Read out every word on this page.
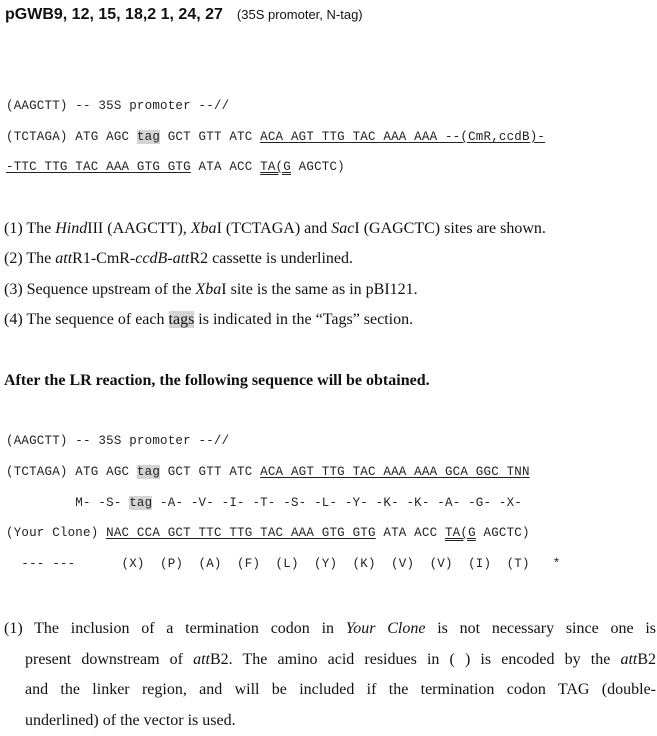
pGWB9, 12, 15, 18,2 1, 24, 27 (35S promoter, N-tag)
(AAGCTT) -- 35S promoter --//
(TCTAGA) ATG AGC tag GCT GTT ATC ACA AGT TTG TAC AAA AAA --(CmR,ccdB)-
-TTC TTG TAC AAA GTG GTG ATA ACC TA(G AGCTC)
(1) The HindIII (AAGCTT), XbaI (TCTAGA) and SacI (GAGCTC) sites are shown.
(2) The attR1-CmR-ccdB-attR2 cassette is underlined.
(3) Sequence upstream of the XbaI site is the same as in pBI121.
(4) The sequence of each tags is indicated in the “Tags” section.
After the LR reaction, the following sequence will be obtained.
(AAGCTT) -- 35S promoter --//
(TCTAGA) ATG AGC tag GCT GTT ATC ACA AGT TTG TAC AAA AAA GCA GGC TNN
M- -S- tag -A- -V- -I- -T- -S- -L- -Y- -K- -K- -A- -G- -X-
(Your Clone) NAC CCA GCT TTC TTG TAC AAA GTG GTG ATA ACC TA(G AGCTC)
--- ---      (X)  (P)  (A)  (F)  (L)  (Y)  (K)  (V)  (V)  (I)  (T)   *
(1) The inclusion of a termination codon in Your Clone is not necessary since one is
present downstream of attB2. The amino acid residues in ( ) is encoded by the attB2
and the linker region, and will be included if the termination codon TAG (double-
underlined) of the vector is used.
